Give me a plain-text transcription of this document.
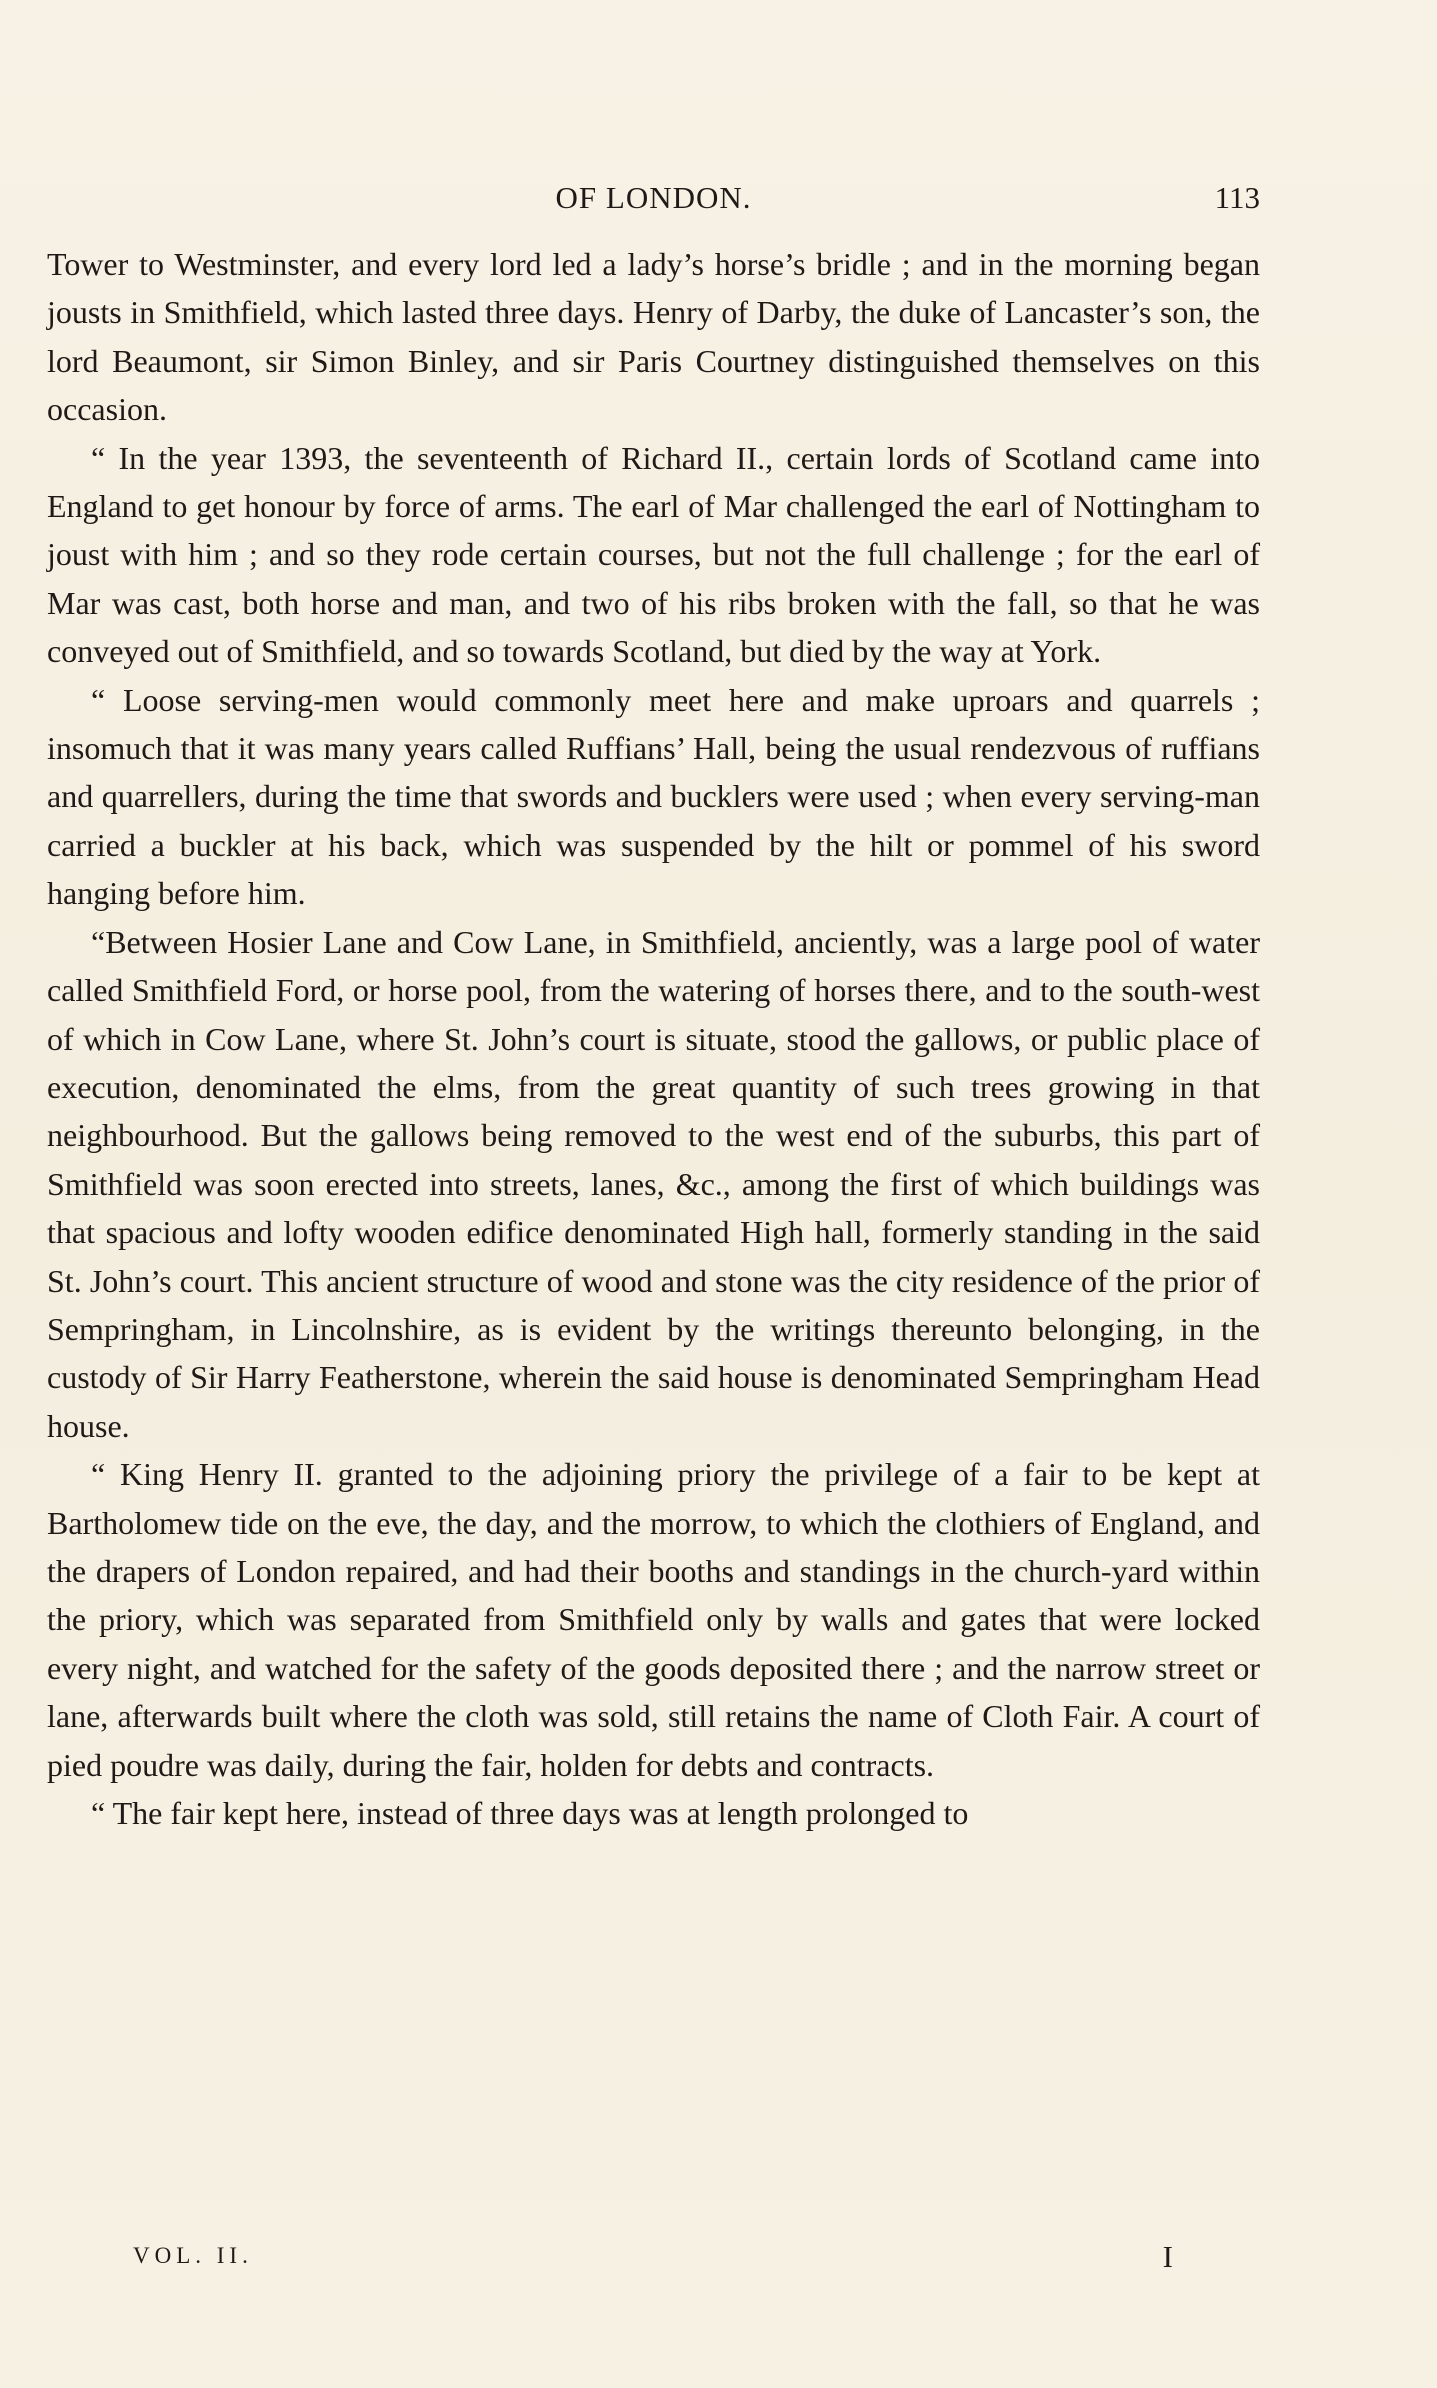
OF LONDON.	113

Tower to Westminster, and every lord led a lady’s horse’s bridle ; and in the morning began jousts in Smithfield, which lasted three days. Henry of Darby, the duke of Lancaster’s son, the lord Beaumont, sir Simon Binley, and sir Paris Courtney distinguished themselves on this occasion.

“ In the year 1393, the seventeenth of Richard II., certain lords of Scotland came into England to get honour by force of arms. The earl of Mar challenged the earl of Nottingham to joust with him ; and so they rode certain courses, but not the full challenge ; for the earl of Mar was cast, both horse and man, and two of his ribs broken with the fall, so that he was conveyed out of Smithfield, and so towards Scotland, but died by the way at York.

“ Loose serving-men would commonly meet here and make uproars and quarrels ; insomuch that it was many years called Ruffians’ Hall, being the usual rendezvous of ruffians and quarrellers, during the time that swords and bucklers were used ; when every serving-man carried a buckler at his back, which was suspended by the hilt or pommel of his sword hanging before him.

“Between Hosier Lane and Cow Lane, in Smithfield, anciently, was a large pool of water called Smithfield Ford, or horse pool, from the watering of horses there, and to the south-west of which in Cow Lane, where St. John’s court is situate, stood the gallows, or public place of execution, denominated the elms, from the great quantity of such trees growing in that neighbourhood. But the gallows being removed to the west end of the suburbs, this part of Smithfield was soon erected into streets, lanes, &c., among the first of which buildings was that spacious and lofty wooden edifice denominated High hall, formerly standing in the said St. John’s court. This ancient structure of wood and stone was the city residence of the prior of Sempringham, in Lincolnshire, as is evident by the writings thereunto belonging, in the custody of Sir Harry Featherstone, wherein the said house is denominated Sempringham Head house.

“ King Henry II. granted to the adjoining priory the privilege of a fair to be kept at Bartholomew tide on the eve, the day, and the morrow, to which the clothiers of England, and the drapers of London repaired, and had their booths and standings in the church-yard within the priory, which was separated from Smithfield only by walls and gates that were locked every night, and watched for the safety of the goods deposited there ; and the narrow street or lane, afterwards built where the cloth was sold, still retains the name of Cloth Fair. A court of pied poudre was daily, during the fair, holden for debts and contracts.

“ The fair kept here, instead of three days was at length prolonged to

VOL. II.	I
